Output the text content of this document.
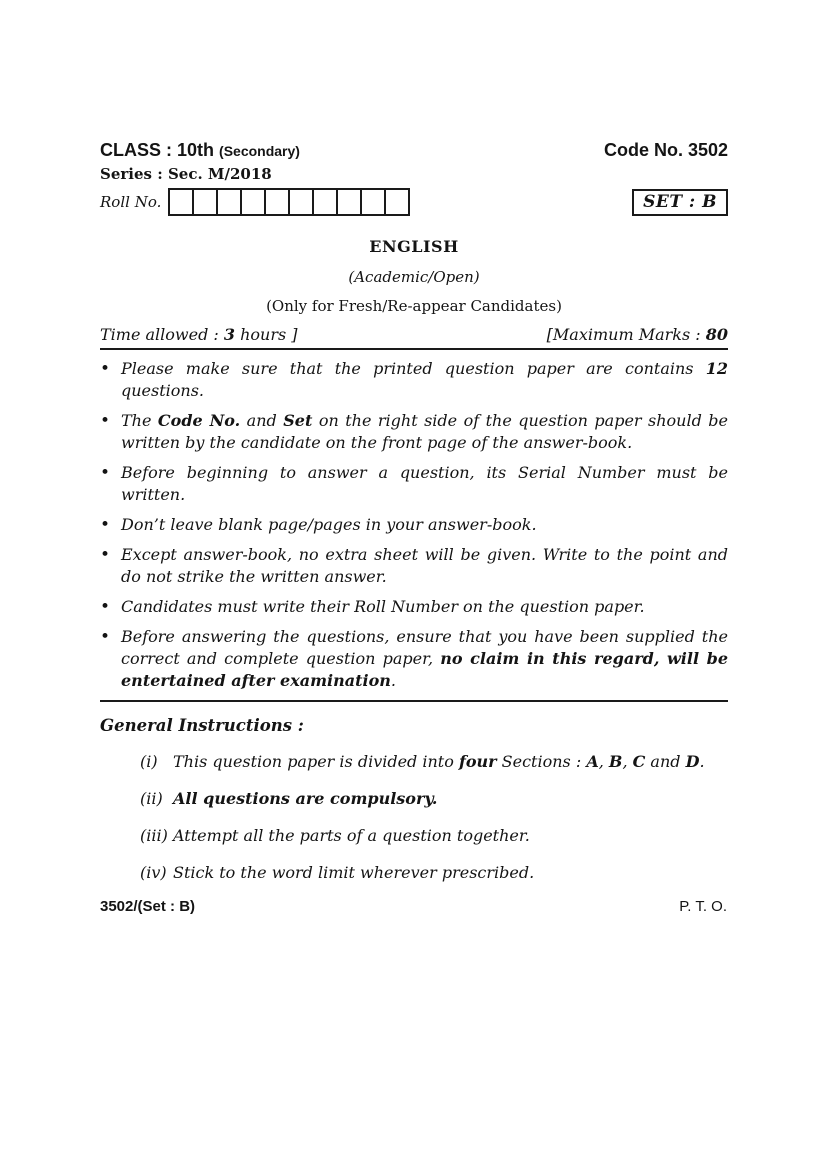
CLASS : 10th (Secondary)	Code No. 3502
Series : Sec. M/2018
Roll No.	SET : B
ENGLISH
(Academic/Open)
(Only for Fresh/Re-appear Candidates)
Time allowed : 3 hours ]	[Maximum Marks : 80
• Please make sure that the printed question paper are contains 12 questions.
• The Code No. and Set on the right side of the question paper should be written by the candidate on the front page of the answer-book.
• Before beginning to answer a question, its Serial Number must be written.
• Don’t leave blank page/pages in your answer-book.
• Except answer-book, no extra sheet will be given. Write to the point and do not strike the written answer.
• Candidates must write their Roll Number on the question paper.
• Before answering the questions, ensure that you have been supplied the correct and complete question paper, no claim in this regard, will be entertained after examination.
General Instructions :
(i) This question paper is divided into four Sections : A, B, C and D.
(ii) All questions are compulsory.
(iii) Attempt all the parts of a question together.
(iv) Stick to the word limit wherever prescribed.
3502/(Set : B)	P. T. O.
